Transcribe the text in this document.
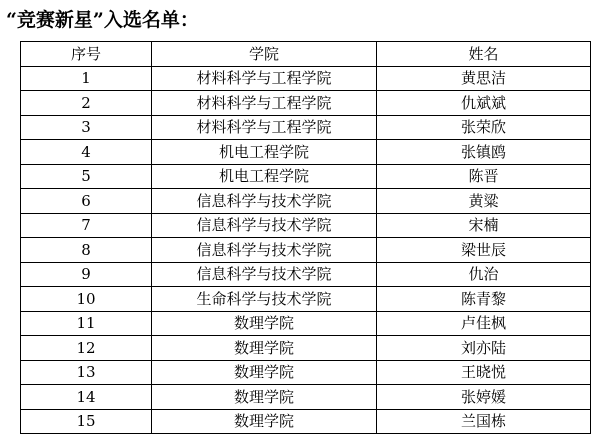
“竞赛新星”入选名单：
序号	学院	姓名
1	材料科学与工程学院	黄思洁
2	材料科学与工程学院	仇斌斌
3	材料科学与工程学院	张荣欣
4	机电工程学院	张镇鸥
5	机电工程学院	陈晋
6	信息科学与技术学院	黄粱
7	信息科学与技术学院	宋楠
8	信息科学与技术学院	梁世辰
9	信息科学与技术学院	仇治
10	生命科学与技术学院	陈青黎
11	数理学院	卢佳枫
12	数理学院	刘亦陆
13	数理学院	王晓悦
14	数理学院	张婷媛
15	数理学院	兰国栋
